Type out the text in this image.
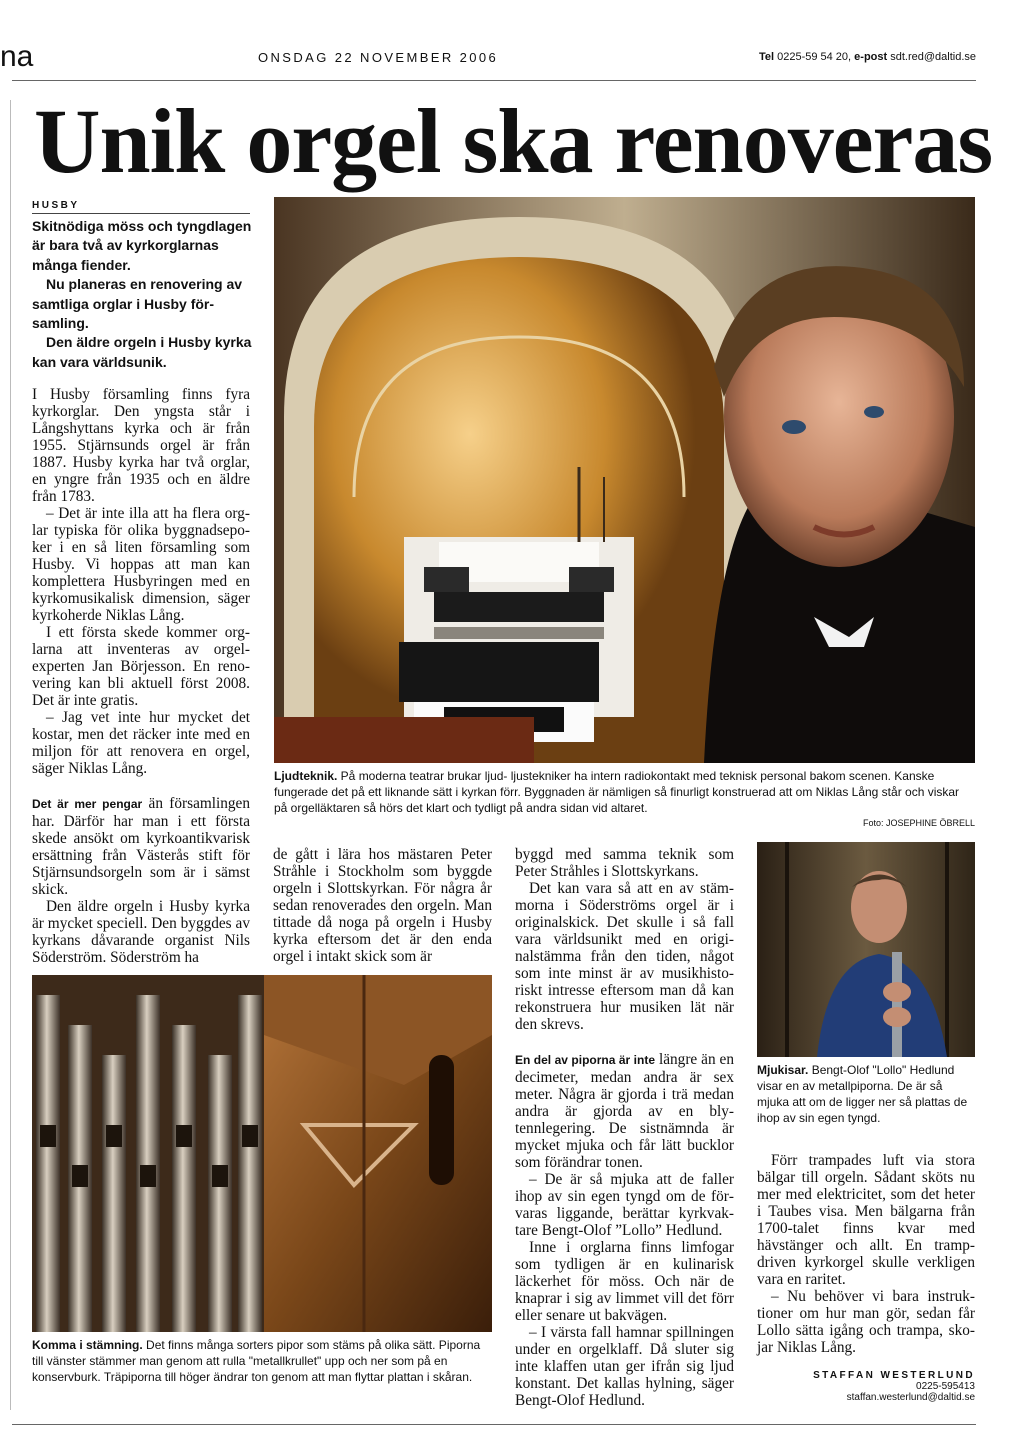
na	ONSDAG 22 NOVEMBER 2006	Tel 0225-59 54 20, e-post sdt.red@daltid.se
Unik orgel ska renoveras
HUSBY

Skitnödiga möss och tyngdlagen är bara två av kyrkorglarnas många fiender.

Nu planeras en renovering av samtliga orglar i Husby församling.

Den äldre orgeln i Husby kyrka kan vara världsunik.

I Husby församling finns fyra kyrkorglar. Den yngsta står i Långshyttans kyrka och är från 1955. Stjärnsunds orgel är från 1887. Husby kyrka har två orglar, en yngre från 1935 och en äldre från 1783.

– Det är inte illa att ha flera orglar typiska för olika byggnadsepoker i en så liten församling som Husby. Vi hoppas att man kan komplettera Husbyringen med en kyrkomusikalisk dimension, säger kyrkoherde Niklas Lång.

I ett första skede kommer orglarna att inventeras av orgelexperten Jan Börjesson. En renovering kan bli aktuell först 2008. Det är inte gratis.

– Jag vet inte hur mycket det kostar, men det räcker inte med en miljon för att renovera en orgel, säger Niklas Lång.

Det är mer pengar än församlingen har. Därför har man i ett första skede ansökt om kyrkoantikvarisk ersättning från Västerås stift för Stjärnsundsorgeln som är i sämst skick.

Den äldre orgeln i Husby kyrka är mycket speciell. Den byggdes av kyrkans dåvarande organist Nils Söderström. Söderström ha

de gått i lära hos mästaren Peter Stråhle i Stockholm som byggde orgeln i Slottskyrkan. För några år sedan renoverades den orgeln. Man tittade då noga på orgeln i Husby kyrka eftersom det är den enda orgel i intakt skick som är

byggd med samma teknik som Peter Stråhles i Slottskyrkans.

Det kan vara så att en av stämmorna i Söderströms orgel är i originalskick. Det skulle i så fall vara världsunikt med en originalstämma från den tiden, något som inte minst är av musikhistoriskt intresse eftersom man då kan rekonstruera hur musiken lät när den skrevs.

En del av piporna är inte längre än en decimeter, medan andra är sex meter. Några är gjorda i trä medan andra är gjorda av en blytennlegering. De sistnämnda är mycket mjuka och får lätt bucklor som förändrar tonen.

– De är så mjuka att de faller ihop av sin egen tyngd om de förvaras liggande, berättar kyrkvaktare Bengt-Olof ”Lollo” Hedlund.

Inne i orglarna finns limfogar som tydligen är en kulinarisk läckerhet för möss. Och när de knaprar i sig av limmet vill det förr eller senare ut bakvägen.

– I värsta fall hamnar spillningen under en orgelklaff. Då sluter sig inte klaffen utan ger ifrån sig ljud konstant. Det kallas hylning, säger Bengt-Olof Hedlund.

Förr trampades luft via stora bälgar till orgeln. Sådant sköts nu mer med elektricitet, som det heter i Taubes visa. Men bälgarna från 1700-talet finns kvar med hävstänger och allt. En trampdriven kyrkorgel skulle verkligen vara en raritet.

– Nu behöver vi bara instruktioner om hur man gör, sedan får Lollo sätta igång och trampa, skojar Niklas Lång.

Ljudteknik. På moderna teatrar brukar ljud- ljustekniker ha intern radiokontakt med teknisk personal bakom scenen. Kanske fungerade det på ett liknande sätt i kyrkan förr. Byggnaden är nämligen så finurligt konstruerad att om Niklas Lång står och viskar på orgelläktaren så hörs det klart och tydligt på andra sidan vid altaret.
Foto: JOSEPHINE ÖBRELL
Mjukisar. Bengt-Olof "Lollo" Hedlund visar en av metallpiporna. De är så mjuka att om de ligger ner så plattas de ihop av sin egen tyngd.
Komma i stämning. Det finns många sorters pipor som stäms på olika sätt. Piporna till vänster stämmer man genom att rulla "metallkrullet" upp och ner som på en konservburk. Träpiporna till höger ändrar ton genom att man flyttar plattan i skåran.	STAFFAN WESTERLUND
0225-595413
staffan.westerlund@daltid.se
